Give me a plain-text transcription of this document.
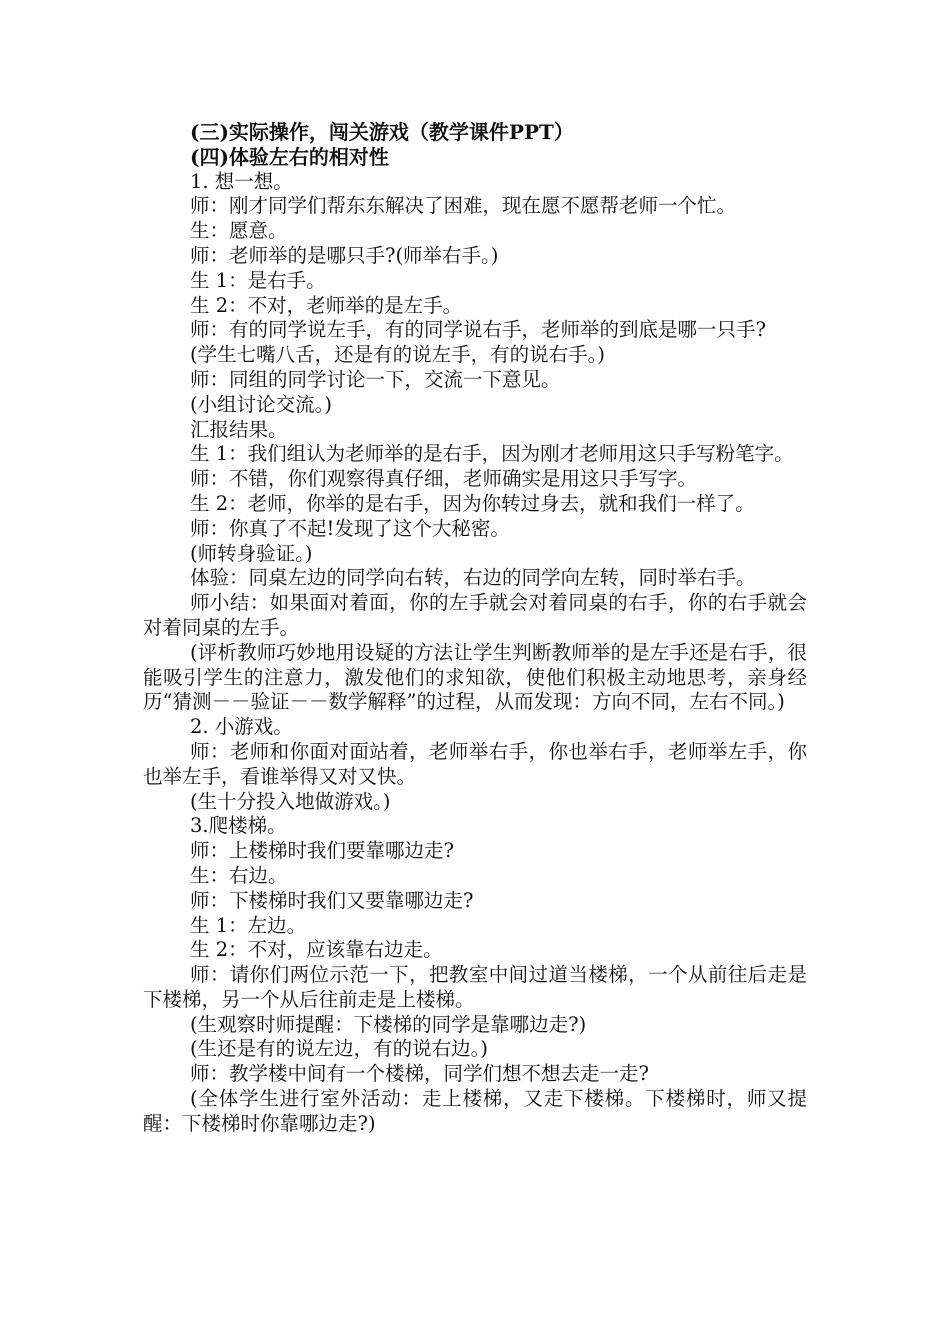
(三)实际操作，闯关游戏（教学课件PPT）

(四)体验左右的相对性

1. 想一想。

师：刚才同学们帮东东解决了困难，现在愿不愿帮老师一个忙。

生：愿意。

师：老师举的是哪只手?(师举右手。)

生 1：是右手。

生 2：不对，老师举的是左手。

师：有的同学说左手，有的同学说右手，老师举的到底是哪一只手?

(学生七嘴八舌，还是有的说左手，有的说右手。)

师：同组的同学讨论一下，交流一下意见。

(小组讨论交流。)

汇报结果。

生 1：我们组认为老师举的是右手，因为刚才老师用这只手写粉笔字。

师：不错，你们观察得真仔细，老师确实是用这只手写字。

生 2：老师，你举的是右手，因为你转过身去，就和我们一样了。

师：你真了不起!发现了这个大秘密。

(师转身验证。)

体验：同桌左边的同学向右转，右边的同学向左转，同时举右手。

师小结：如果面对着面，你的左手就会对着同桌的右手，你的右手就会对着同桌的左手。

(评析教师巧妙地用设疑的方法让学生判断教师举的是左手还是右手，很能吸引学生的注意力，激发他们的求知欲，使他们积极主动地思考，亲身经历“猜测－－验证－－数学解释”的过程，从而发现：方向不同，左右不同。)

2. 小游戏。

师：老师和你面对面站着，老师举右手，你也举右手，老师举左手，你也举左手，看谁举得又对又快。

(生十分投入地做游戏。)

3.爬楼梯。

师：上楼梯时我们要靠哪边走?

生：右边。

师：下楼梯时我们又要靠哪边走?

生 1：左边。

生 2：不对，应该靠右边走。

师：请你们两位示范一下，把教室中间过道当楼梯，一个从前往后走是下楼梯，另一个从后往前走是上楼梯。

(生观察时师提醒：下楼梯的同学是靠哪边走?)

(生还是有的说左边，有的说右边。)

师：教学楼中间有一个楼梯，同学们想不想去走一走?

(全体学生进行室外活动：走上楼梯，又走下楼梯。下楼梯时，师又提醒：下楼梯时你靠哪边走?)
